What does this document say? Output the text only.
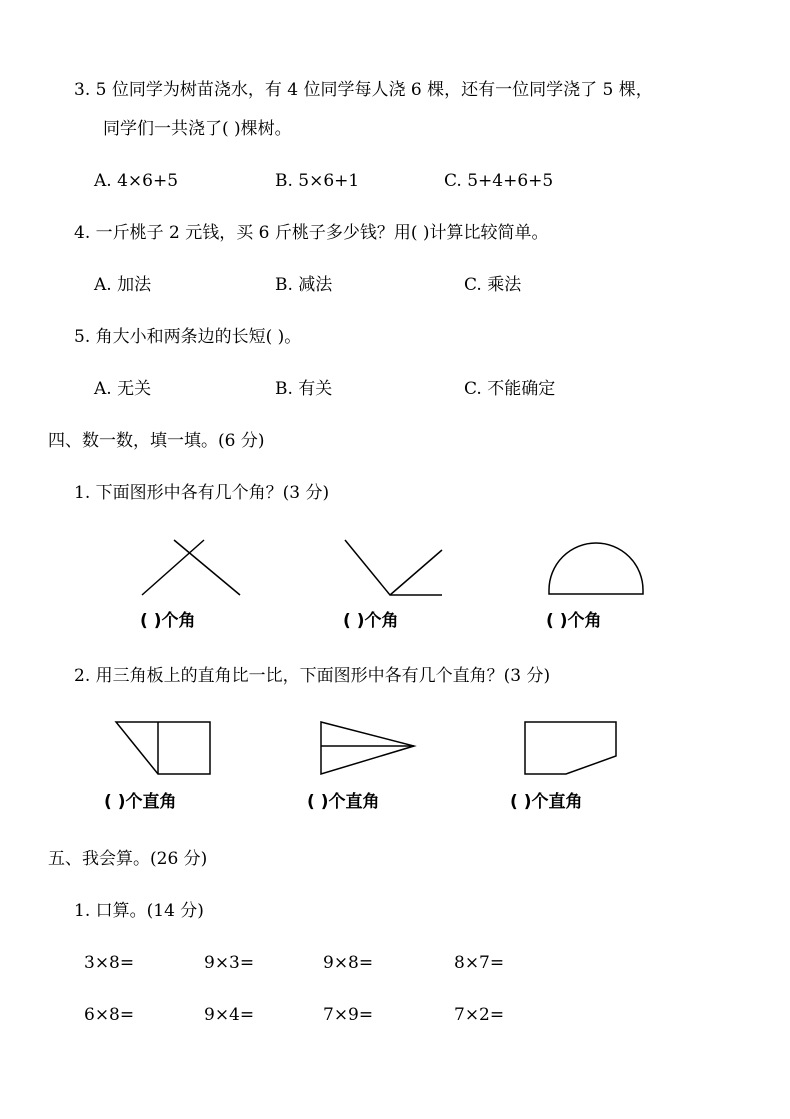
3. 5 位同学为树苗浇水，有 4 位同学每人浇 6 棵，还有一位同学浇了 5 棵，
同学们一共浇了( )棵树。
A. 4×6+5	B. 5×6+1	C. 5+4+6+5
4. 一斤桃子 2 元钱，买 6 斤桃子多少钱？用( )计算比较简单。
A. 加法	B. 减法	C. 乘法
5. 角大小和两条边的长短( )。
A. 无关	B. 有关	C. 不能确定
四、数一数，填一填。(6 分)
1. 下面图形中各有几个角？(3 分)
( )个角	( )个角	( )个角
2. 用三角板上的直角比一比，下面图形中各有几个直角？(3 分)
( )个直角	( )个直角	( )个直角
五、我会算。(26 分)
1. 口算。(14 分)
3×8=	9×3=	9×8=	8×7=
6×8=	9×4=	7×9=	7×2=
